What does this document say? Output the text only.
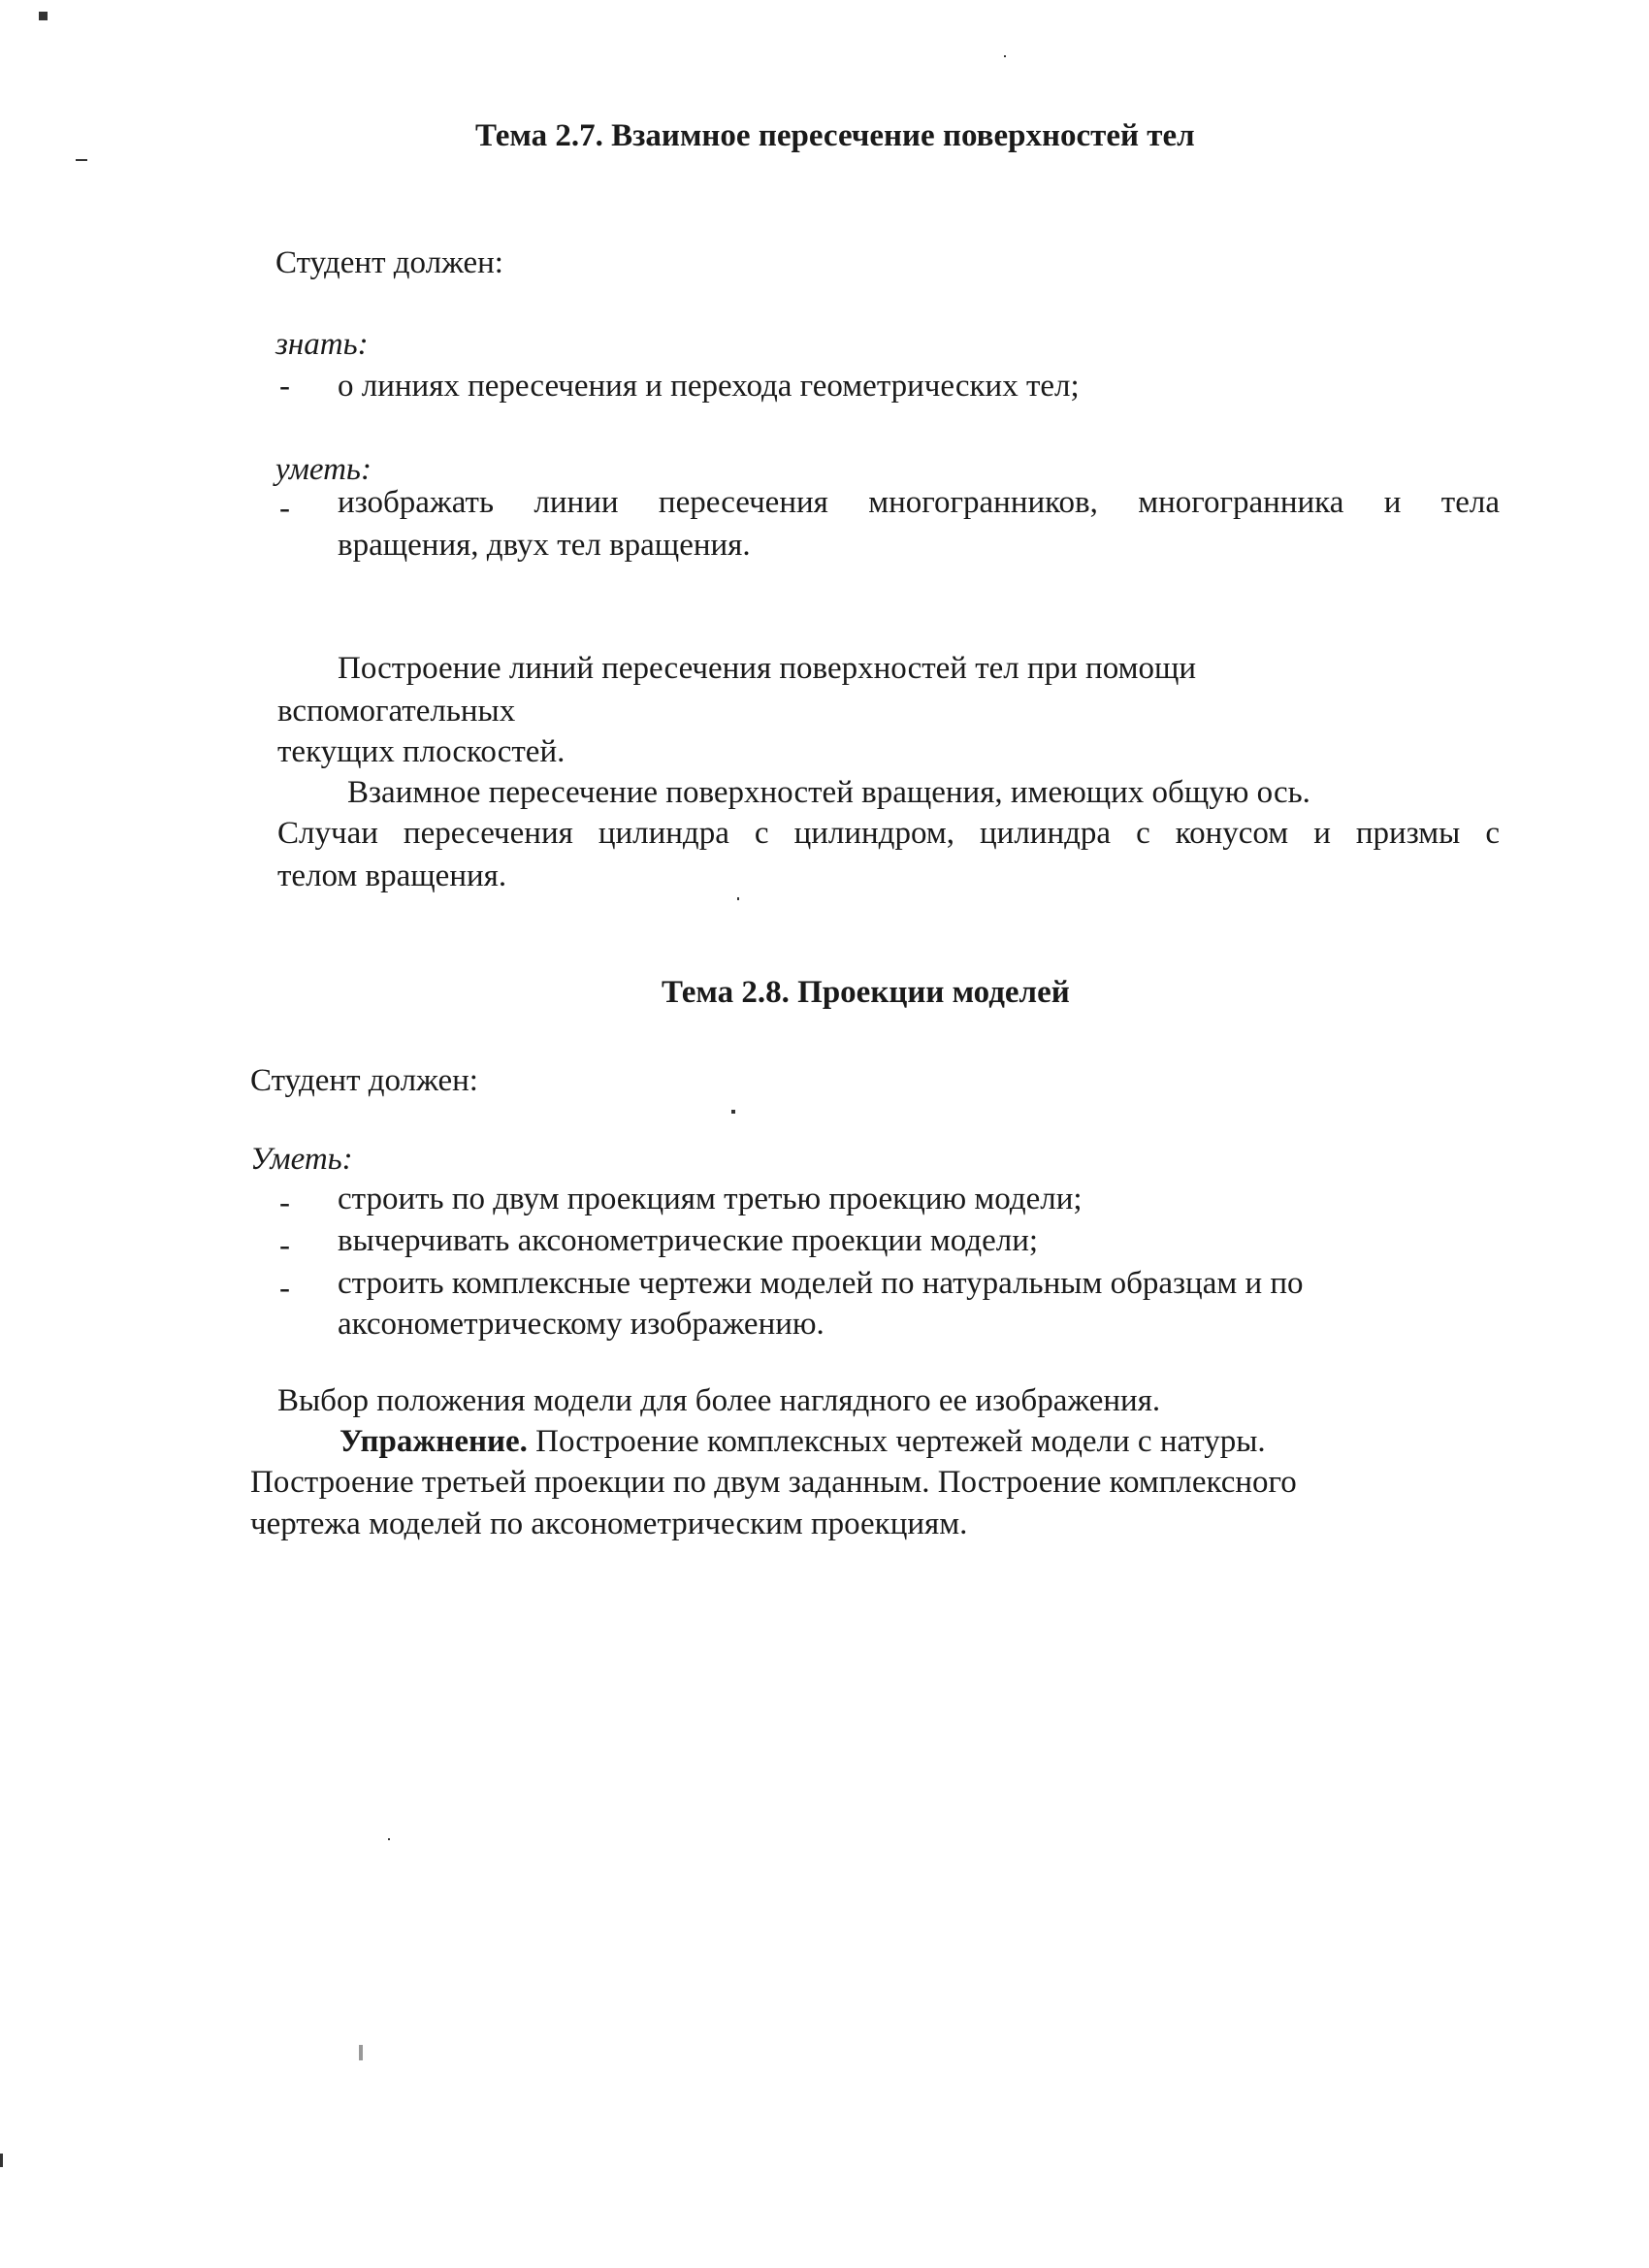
Тема 2.7. Взаимное пересечение поверхностей тел
Студент должен:
знать:
- о линиях пересечения и перехода геометрических тел;
уметь:
- изображать линии пересечения многогранников, многогранника и тела
вращения, двух тел вращения.
Построение линий пересечения поверхностей тел при помощи
вспомогательных
текущих плоскостей.
Взаимное пересечение поверхностей вращения, имеющих общую ось.
Случаи пересечения цилиндра с цилиндром, цилиндра с конусом и призмы с
телом вращения.
Тема 2.8. Проекции моделей
Студент должен:
Уметь:
- строить по двум проекциям третью проекцию модели;
- вычерчивать аксонометрические проекции модели;
- строить комплексные чертежи моделей по натуральным образцам и по
аксонометрическому изображению.
Выбор положения модели для более наглядного ее изображения.
Упражнение. Построение комплексных чертежей модели с натуры.
Построение третьей проекции по двум заданным. Построение комплексного
чертежа моделей по аксонометрическим проекциям.
